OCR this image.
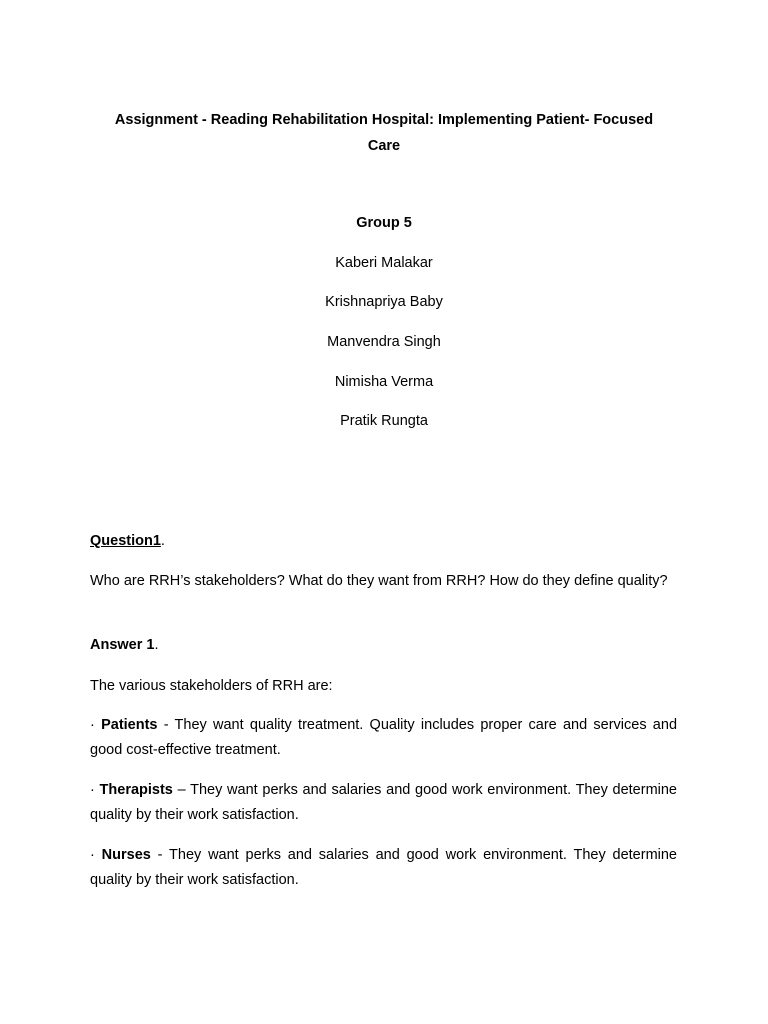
Assignment - Reading Rehabilitation Hospital: Implementing Patient- Focused
Care
Group 5
Kaberi Malakar
Krishnapriya Baby
Manvendra Singh
Nimisha Verma
Pratik Rungta
Question1.
Who are RRH’s stakeholders? What do they want from RRH? How do they define quality?
Answer 1.
The various stakeholders of RRH are:
· Patients - They want quality treatment. Quality includes proper care and services and good cost-effective treatment.
· Therapists – They want perks and salaries and good work environment. They determine quality by their work satisfaction.
· Nurses - They want perks and salaries and good work environment. They determine quality by their work satisfaction.
